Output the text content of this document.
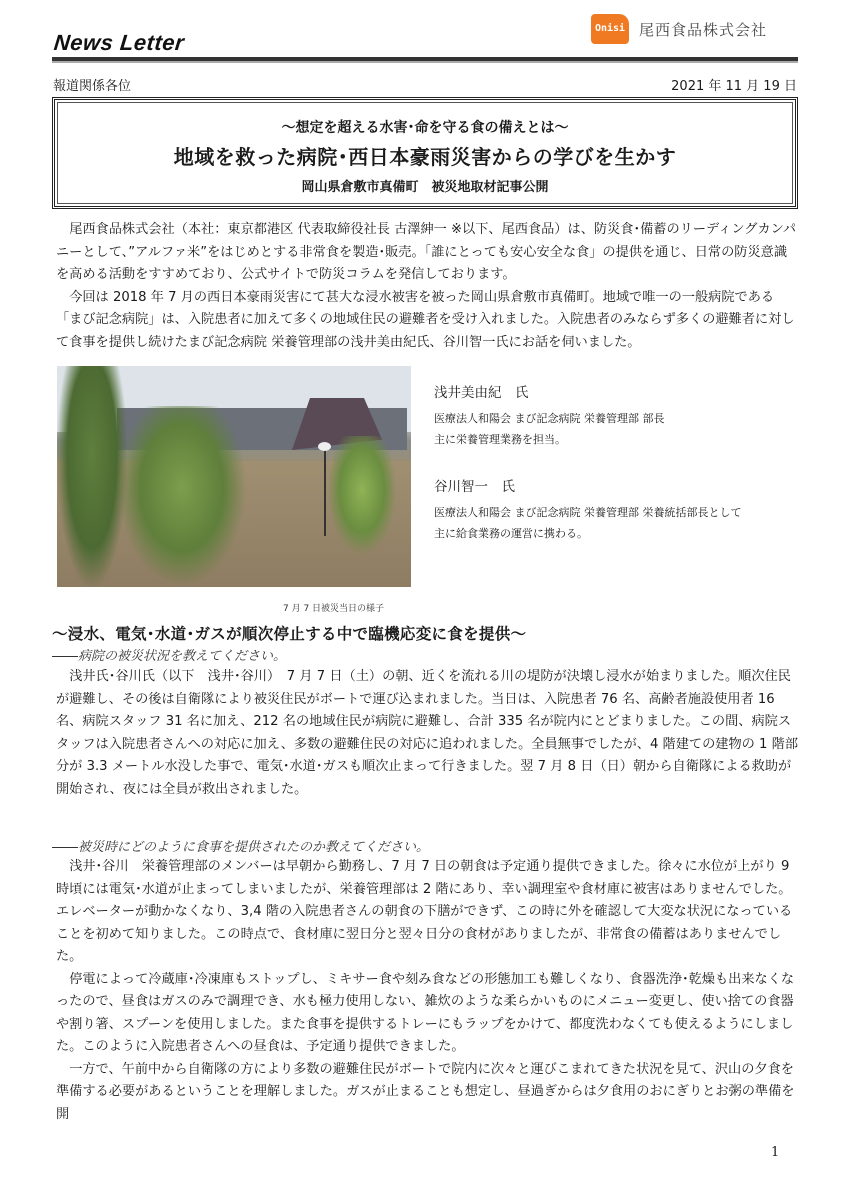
News Letter
Onisi 尾西食品株式会社
報道関係各位	2021 年 11 月 19 日
～想定を超える水害･命を守る食の備えとは～
地域を救った病院･西日本豪雨災害からの学びを生かす
岡山県倉敷市真備町　被災地取材記事公開

尾西食品株式会社（本社：東京都港区 代表取締役社長 古澤紳一 ※以下、尾西食品）は、防災食･備蓄のリーディングカンパニーとして、”アルファ米”をはじめとする非常食を製造･販売。「誰にとっても安心安全な食」の提供を通じ、日常の防災意識を高める活動をすすめており、公式サイトで防災コラムを発信しております。

今回は 2018 年 7 月の西日本豪雨災害にて甚大な浸水被害を被った岡山県倉敷市真備町。地域で唯一の一般病院である「まび記念病院」は、入院患者に加えて多くの地域住民の避難者を受け入れました。入院患者のみならず多くの避難者に対して食事を提供し続けたまび記念病院 栄養管理部の浅井美由紀氏、谷川智一氏にお話を伺いました。

7 月 7 日被災当日の様子
浅井美由紀　氏
医療法人和陽会 まび記念病院 栄養管理部 部長
主に栄養管理業務を担当。
谷川智一　氏
医療法人和陽会 まび記念病院 栄養管理部 栄養統括部長として
主に給食業務の運営に携わる。
～浸水、電気･水道･ガスが順次停止する中で臨機応変に食を提供～
――病院の被災状況を教えてください。

浅井氏･谷川氏（以下　浅井･谷川）　7 月 7 日（土）の朝、近くを流れる川の堤防が決壊し浸水が始まりました。順次住民が避難し、その後は自衛隊により被災住民がボートで運び込まれました。当日は、入院患者 76 名、高齢者施設使用者 16 名、病院スタッフ 31 名に加え、212 名の地域住民が病院に避難し、合計 335 名が院内にとどまりました。この間、病院スタッフは入院患者さんへの対応に加え、多数の避難住民の対応に追われました。全員無事でしたが、4 階建ての建物の 1 階部分が 3.3 メートル水没した事で、電気･水道･ガスも順次止まって行きました。翌 7 月 8 日（日）朝から自衛隊による救助が開始され、夜には全員が救出されました。

――被災時にどのように食事を提供されたのか教えてください。

浅井･谷川　栄養管理部のメンバーは早朝から勤務し、7 月 7 日の朝食は予定通り提供できました。徐々に水位が上がり 9 時頃には電気･水道が止まってしまいましたが、栄養管理部は 2 階にあり、幸い調理室や食材庫に被害はありませんでした。エレベーターが動かなくなり、3,4 階の入院患者さんの朝食の下膳ができず、この時に外を確認して大変な状況になっていることを初めて知りました。この時点で、食材庫に翌日分と翌々日分の食材がありましたが、非常食の備蓄はありませんでした。

停電によって冷蔵庫･冷凍庫もストップし、ミキサー食や刻み食などの形態加工も難しくなり、食器洗浄･乾燥も出来なくなったので、昼食はガスのみで調理でき、水も極力使用しない、雑炊のような柔らかいものにメニュー変更し、使い捨ての食器や割り箸、スプーンを使用しました。また食事を提供するトレーにもラップをかけて、都度洗わなくても使えるようにしました。このように入院患者さんへの昼食は、予定通り提供できました。

一方で、午前中から自衛隊の方により多数の避難住民がボートで院内に次々と運びこまれてきた状況を見て、沢山の夕食を準備する必要があるということを理解しました。ガスが止まることも想定し、昼過ぎからは夕食用のおにぎりとお粥の準備を開

1
